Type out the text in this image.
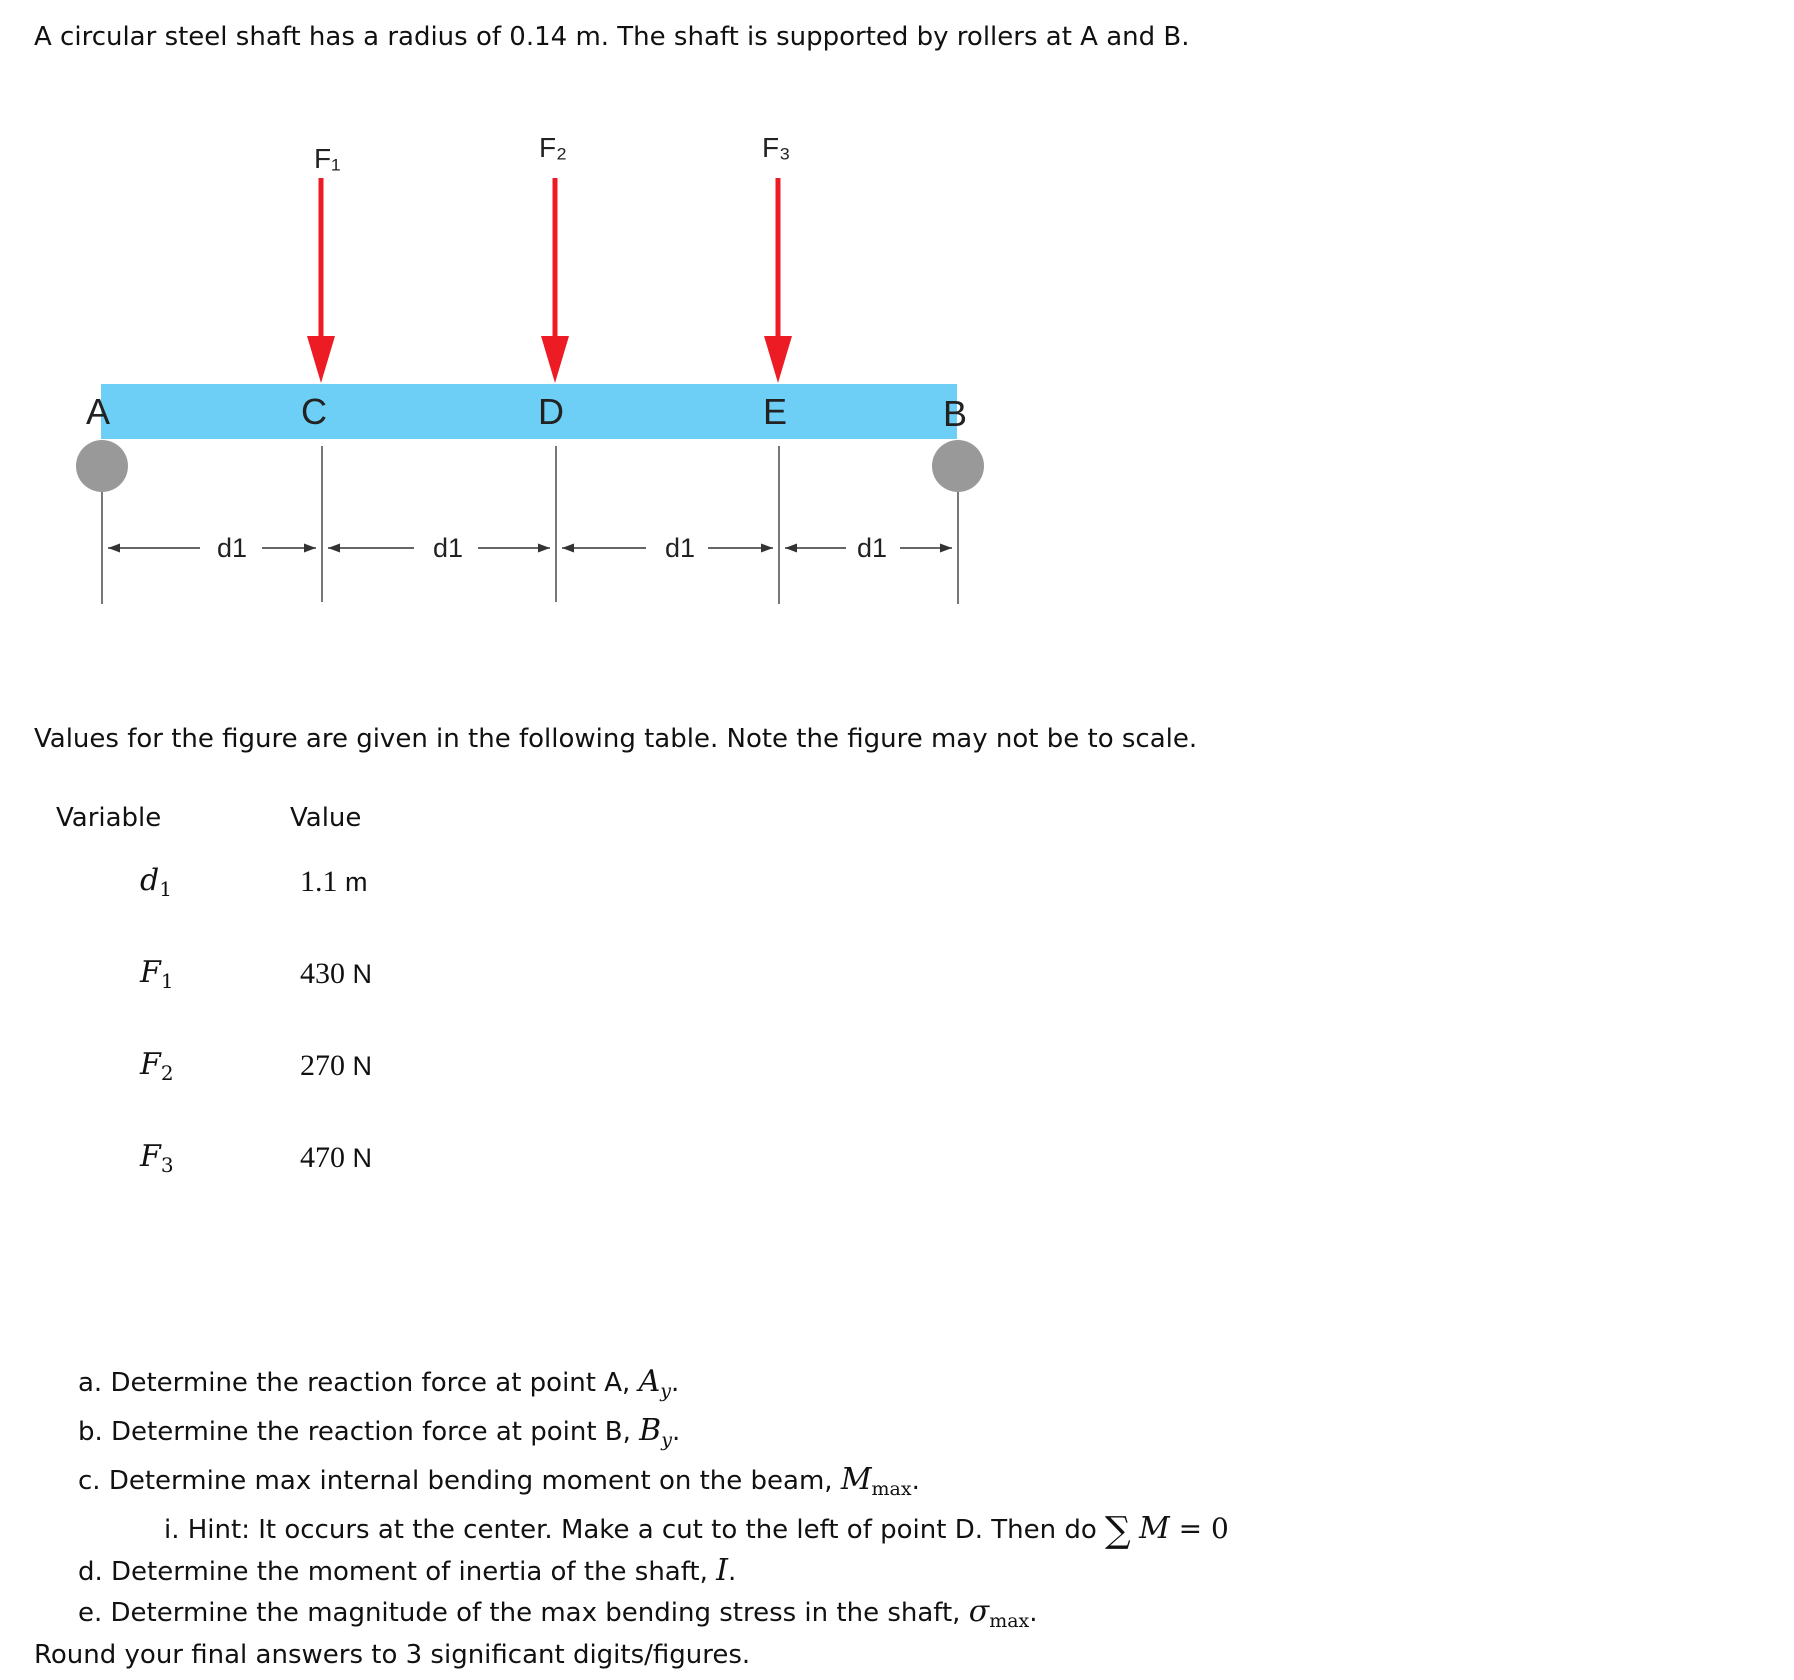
A circular steel shaft has a radius of 0.14 m. The shaft is supported by rollers at A and B.
F₁	F₂	F₃
A	C	D	E	B
d1	d1	d1	d1
Values for the figure are given in the following table. Note the figure may not be to scale.
Variable	Value
$d_1$	1.1 m
$F_1$	430 N
$F_2$	270 N
$F_3$	470 N
a. Determine the reaction force at point A, $A_y$.
b. Determine the reaction force at point B, $B_y$.
c. Determine max internal bending moment on the beam, $M_{max}$.
i. Hint: It occurs at the center. Make a cut to the left of point D. Then do ∑ M = 0
d. Determine the moment of inertia of the shaft, I.
e. Determine the magnitude of the max bending stress in the shaft, $\sigma_{max}$.
Round your final answers to 3 significant digits/figures.
